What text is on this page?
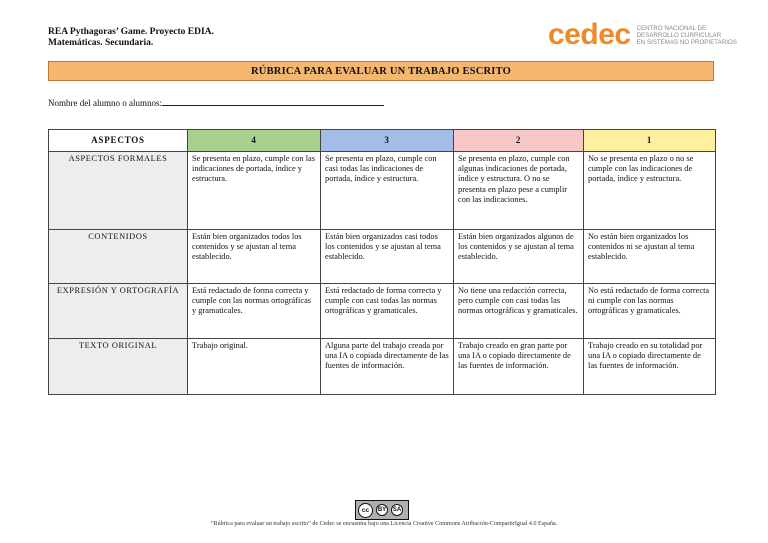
REA Pythagoras’ Game. Proyecto EDIA.
Matemáticas. Secundaria.	cedec CENTRO NACIONAL DE
DESARROLLO CURRICULAR
EN SISTEMAS NO PROPIETARIOS
RÚBRICA PARA EVALUAR UN TRABAJO ESCRITO
Nombre del alumno o alumnos:
ASPECTOS	4	3	2	1
ASPECTOS FORMALES	Se presenta en plazo, cumple con las indicaciones de portada, índice y estructura.	Se presenta en plazo, cumple con casi todas las indicaciones de portada, índice y estructura.	Se presenta en plazo, cumple con algunas indicaciones de portada, índice y estructura. O no se presenta en plazo pese a cumplir con las indicaciones.	No se presenta en plazo o no se cumple con las indicaciones de portada, índice y estructura.
CONTENIDOS	Están bien organizados todos los contenidos y se ajustan al tema establecido.	Están bien organizados casi todos los contenidos y se ajustan al tema establecido.	Están bien organizados algunos de los contenidos y se ajustan al tema establecido.	No están bien organizados los contenidos ni se ajustan al tema establecido.
EXPRESIÓN Y ORTOGRAFÍA	Está redactado de forma correcta y cumple con las normas ortográficas y gramaticales.	Está redactado de forma correcta y cumple con casi todas las normas ortográficas y gramaticales.	No tiene una redacción correcta, pero cumple con casi todas las normas ortográficas y gramaticales.	No está redactado de forma correcta ni cumple con las normas ortográficas y gramaticales.
TEXTO ORIGINAL	Trabajo original.	Alguna parte del trabajo creada por una IA o copiada directamente de las fuentes de información.	Trabajo creado en gran parte por una IA o copiado directamente de las fuentes de información.	Trabajo creado en su totalidad por una IA o copiado directamente de las fuentes de información.
cc	BY	SA
“Rúbrica para evaluar un trabajo escrito” de Cedec se encuentra bajo una Licencia Creative Commons Atribución-CompartirIgual 4.0 España.
